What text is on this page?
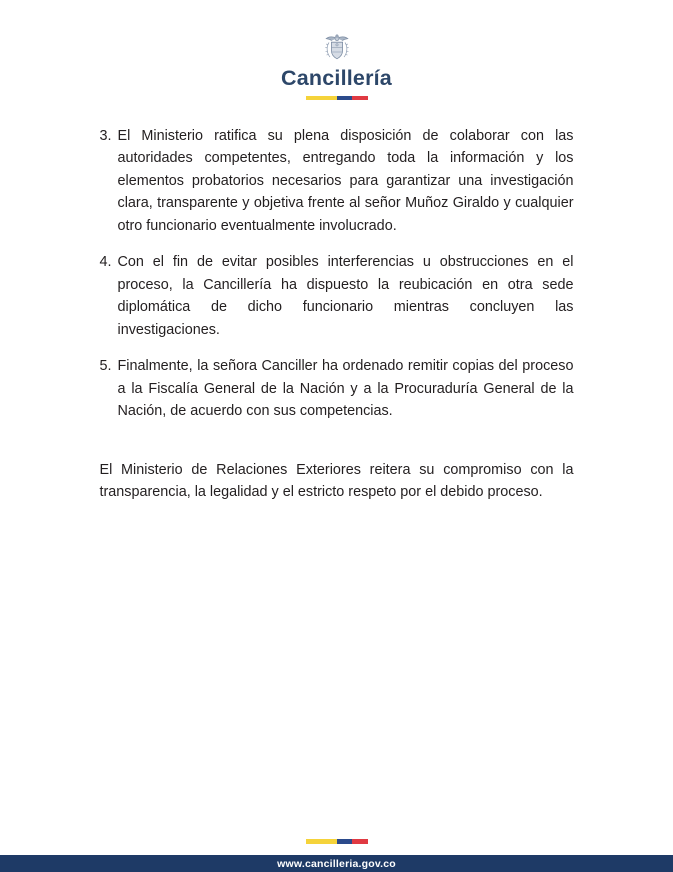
Cancillería
3. El Ministerio ratifica su plena disposición de colaborar con las autoridades competentes, entregando toda la información y los elementos probatorios necesarios para garantizar una investigación clara, transparente y objetiva frente al señor Muñoz Giraldo y cualquier otro funcionario eventualmente involucrado.
4. Con el fin de evitar posibles interferencias u obstrucciones en el proceso, la Cancillería ha dispuesto la reubicación en otra sede diplomática de dicho funcionario mientras concluyen las investigaciones.
5. Finalmente, la señora Canciller ha ordenado remitir copias del proceso a la Fiscalía General de la Nación y a la Procuraduría General de la Nación, de acuerdo con sus competencias.

El Ministerio de Relaciones Exteriores reitera su compromiso con la transparencia, la legalidad y el estricto respeto por el debido proceso.

www.cancilleria.gov.co
